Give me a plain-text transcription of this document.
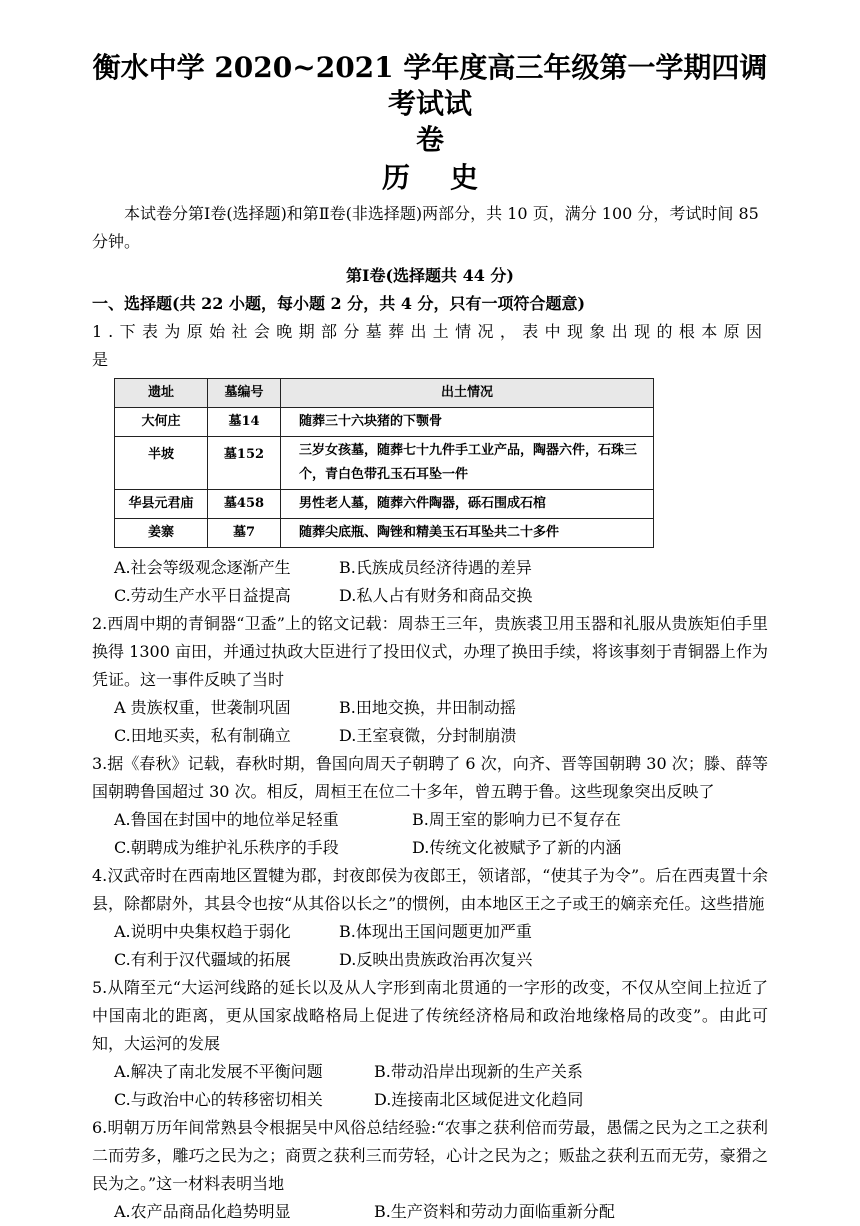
衡水中学 2020~2021 学年度高三年级第一学期四调考试试
卷
历史
本试卷分第Ⅰ卷(选择题)和第Ⅱ卷(非选择题)两部分，共 10 页，满分 100 分，考试时间 85 分钟。
第Ⅰ卷(选择题共 44 分)
一、选择题(共 22 小题，每小题 2 分，共 4 分，只有一项符合题意)
1.下表为原始社会晚期部分墓葬出土情况，表中现象出现的根本原因是
遗址	墓编号	出土情况
大何庄	墓14	随葬三十六块猪的下颚骨
半坡	墓152	三岁女孩墓，随葬七十九件手工业产品，陶器六件，石珠三个，青白色带孔玉石耳坠一件
华县元君庙	墓458	男性老人墓，随葬六件陶器，砾石围成石棺
姜寨	墓7	随葬尖底瓶、陶锉和精美玉石耳坠共二十多件
A.社会等级观念逐渐产生	B.氏族成员经济待遇的差异
C.劳动生产水平日益提高	D.私人占有财务和商品交换
2.西周中期的青铜器“卫盉”上的铭文记载：周恭王三年，贵族裘卫用玉器和礼服从贵族矩伯手里换得 1300 亩田，并通过执政大臣进行了投田仪式，办理了换田手续，将该事刻于青铜器上作为凭证。这一事件反映了当时
A 贵族权重，世袭制巩固	B.田地交换，井田制动摇
C.田地买卖，私有制确立	D.王室衰微，分封制崩溃
3.据《春秋》记载，春秋时期，鲁国向周天子朝聘了 6 次，向齐、晋等国朝聘 30 次；滕、薛等国朝聘鲁国超过 30 次。相反，周桓王在位二十多年，曾五聘于鲁。这些现象突出反映了
A.鲁国在封国中的地位举足轻重	B.周王室的影响力已不复存在
C.朝聘成为维护礼乐秩序的手段	D.传统文化被赋予了新的内涵
4.汉武帝时在西南地区置犍为郡，封夜郎侯为夜郎王，领诸部，“使其子为令”。后在西夷置十余县，除都尉外，其县令也按“从其俗以长之”的惯例，由本地区王之子或王的嫡亲充任。这些措施
A.说明中央集权趋于弱化	B.体现出王国问题更加严重
C.有利于汉代疆域的拓展	D.反映出贵族政治再次复兴
5.从隋至元“大运河线路的延长以及从人字形到南北贯通的一字形的改变，不仅从空间上拉近了中国南北的距离，更从国家战略格局上促进了传统经济格局和政治地缘格局的改变”。由此可知，大运河的发展
A.解决了南北发展不平衡问题	B.带动沿岸出现新的生产关系
C.与政治中心的转移密切相关	D.连接南北区域促进文化趋同
6.明朝万历年间常熟县令根据吴中风俗总结经验:“农事之获利倍而劳最，愚儒之民为之工之获利二而劳多，雕巧之民为之；商贾之获利三而劳轻，心计之民为之；贩盐之获利五而无劳，豪猾之民为之。”这一材料表明当地
A.农产品商品化趋势明显	B.生产资料和劳动力面临重新分配
